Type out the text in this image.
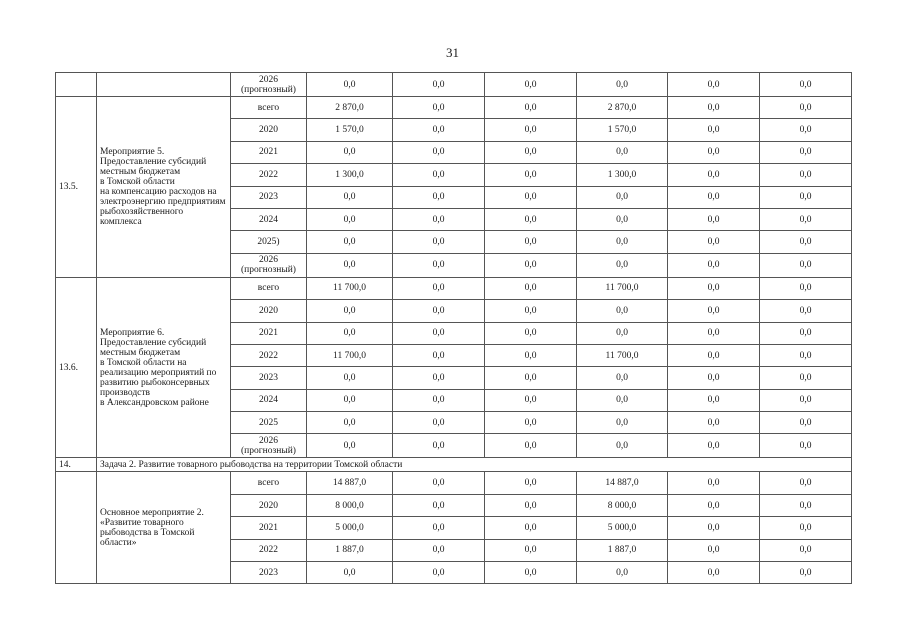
31
		2026
(прогнозный)	0,0	0,0	0,0	0,0	0,0	0,0
13.5.	Мероприятие 5.
Предоставление субсидий местным бюджетам
в Томской области
на компенсацию расходов на электроэнергию предприятиям рыбохозяйственного комплекса	всего	2 870,0	0,0	0,0	2 870,0	0,0	0,0
		2020	1 570,0	0,0	0,0	1 570,0	0,0	0,0
		2021	0,0	0,0	0,0	0,0	0,0	0,0
		2022	1 300,0	0,0	0,0	1 300,0	0,0	0,0
		2023	0,0	0,0	0,0	0,0	0,0	0,0
		2024	0,0	0,0	0,0	0,0	0,0	0,0
		2025)	0,0	0,0	0,0	0,0	0,0	0,0
		2026
(прогнозный)	0,0	0,0	0,0	0,0	0,0	0,0
13.6.	Мероприятие 6.
Предоставление субсидий местным бюджетам
в Томской области на реализацию мероприятий по развитию рыбоконсервных производств
в Александровском районе	всего	11 700,0	0,0	0,0	11 700,0	0,0	0,0
		2020	0,0	0,0	0,0	0,0	0,0	0,0
		2021	0,0	0,0	0,0	0,0	0,0	0,0
		2022	11 700,0	0,0	0,0	11 700,0	0,0	0,0
		2023	0,0	0,0	0,0	0,0	0,0	0,0
		2024	0,0	0,0	0,0	0,0	0,0	0,0
		2025	0,0	0,0	0,0	0,0	0,0	0,0
		2026
(прогнозный)	0,0	0,0	0,0	0,0	0,0	0,0
14.	Задача 2. Развитие товарного рыбоводства на территории Томской области							
	Основное мероприятие 2.
«Развитие товарного рыбоводства в Томской области»	всего	14 887,0	0,0	0,0	14 887,0	0,0	0,0
		2020	8 000,0	0,0	0,0	8 000,0	0,0	0,0
		2021	5 000,0	0,0	0,0	5 000,0	0,0	0,0
		2022	1 887,0	0,0	0,0	1 887,0	0,0	0,0
		2023	0,0	0,0	0,0	0,0	0,0	0,0
